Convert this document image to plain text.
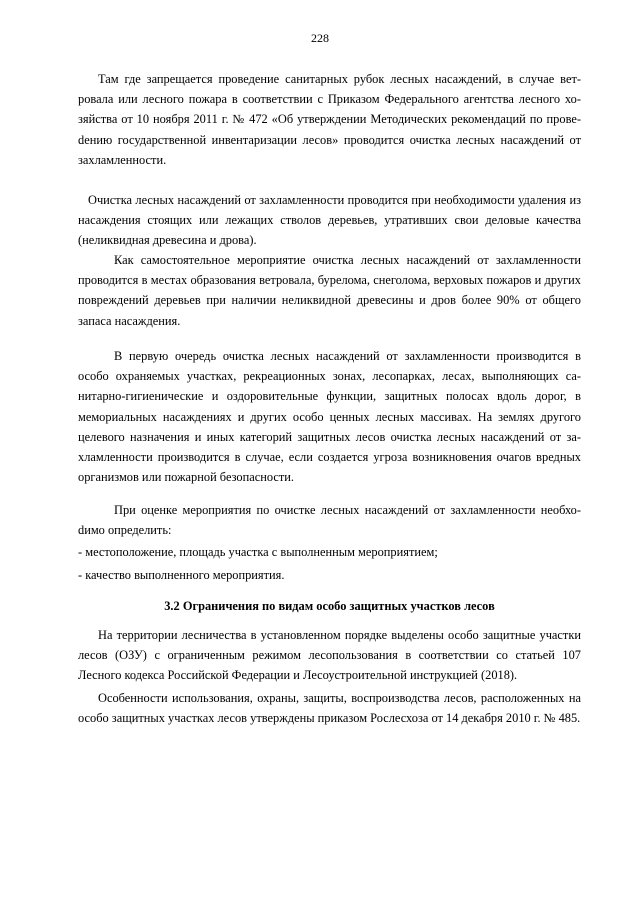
228

Там где запрещается проведение санитарных рубок лесных насаждений, в случае ветровала или лесного пожара в соответствии с Приказом Федерального агентства лесного хозяйства от 10 ноября 2011 г. № 472 «Об утверждении Методических рекомендаций по провеdению государственной инвентаризации лесов» проводится очистка лесных насаждений от захламленности.

Очистка лесных насаждений от захламленности проводится при необходимости удаления из насаждения стоящих или лежащих стволов деревьев, утративших свои деловые качества (неликвидная древесина и дрова).

Как самостоятельное мероприятие очистка лесных насаждений от захламленности проводится в местах образования ветровала, бурелома, снеголома, верховых пожаров и других повреждений деревьев при наличии неликвидной древесины и дров более 90% от общего запаса насаждения.

В первую очередь очистка лесных насаждений от захламленности производится в особо охраняемых участках, рекреационных зонах, лесопарках, лесах, выполняющих санитарно-гигиенические и оздоровительные функции, защитных полосах вдоль дорог, в мемориальных насаждениях и других особо ценных лесных массивах. На землях другого целевого назначения и иных категорий защитных лесов очистка лесных насаждений от захламленности производится в случае, если создается угроза возникновения очагов вредных организмов или пожарной безопасности.

При оценке мероприятия по очистке лесных насаждений от захламленности необхоdимо определить:

- местоположение, площадь участка с выполненным мероприятием;

- качество выполненного мероприятия.

3.2 Ограничения по видам особо защитных участков лесов

На территории лесничества в установленном порядке выделены особо защитные участки лесов (ОЗУ) с ограниченным режимом лесопользования в соответствии со статьей 107 Лесного кодекса Российской Федерации и Лесоустроительной инструкцией (2018).

Особенности использования, охраны, защиты, воспроизводства лесов, расположенных на особо защитных участках лесов утверждены приказом Рослесхоза от 14 декабря 2010 г. № 485.
